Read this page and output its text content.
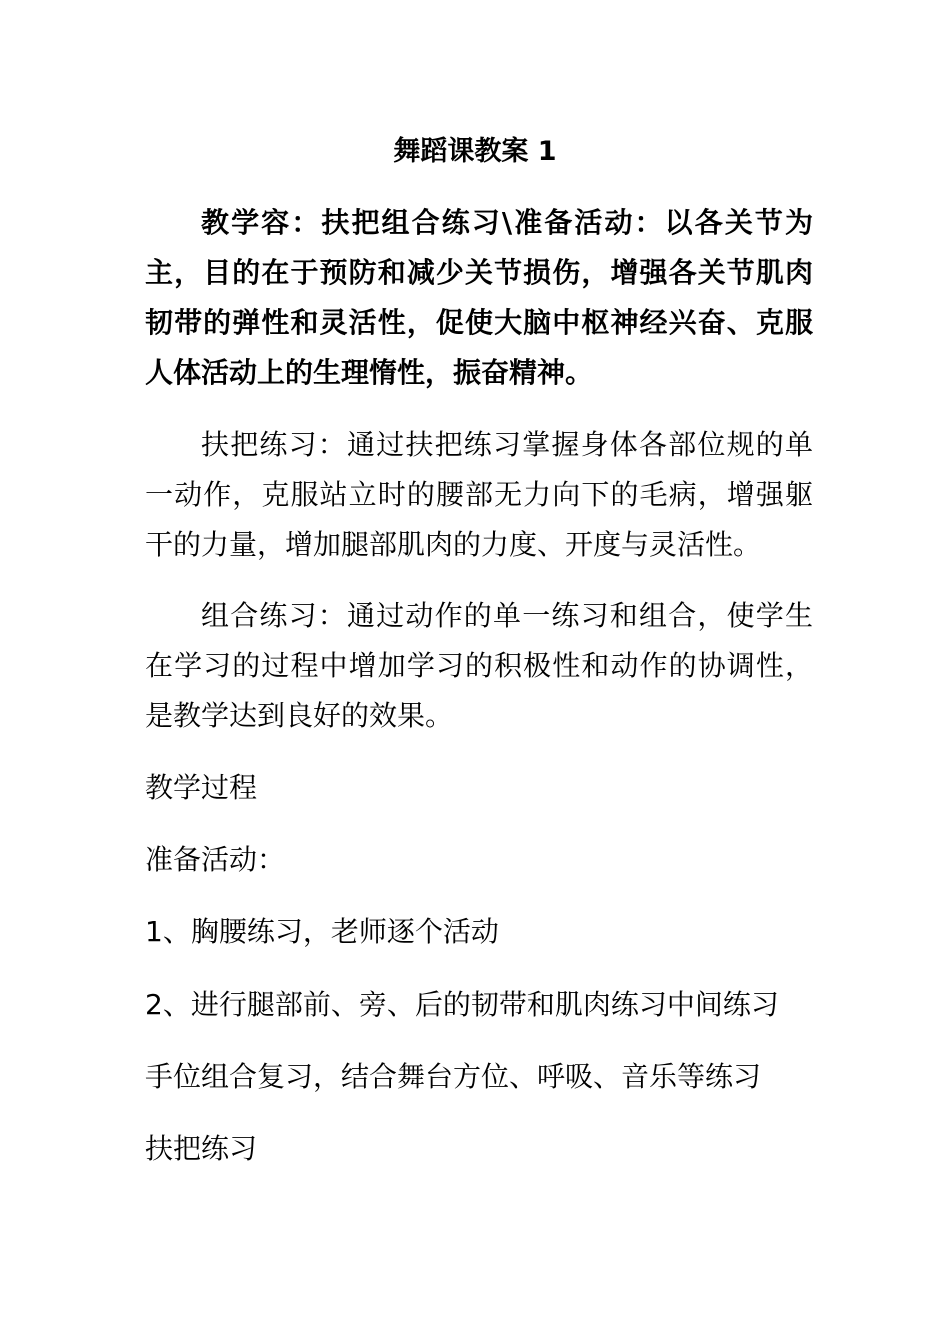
舞蹈课教案 1

教学容：扶把组合练习\准备活动：以各关节为主，目的在于预防和减少关节损伤，增强各关节肌肉韧带的弹性和灵活性，促使大脑中枢神经兴奋、克服人体活动上的生理惰性，振奋精神。

扶把练习：通过扶把练习掌握身体各部位规的单一动作，克服站立时的腰部无力向下的毛病，增强躯干的力量，增加腿部肌肉的力度、开度与灵活性。

组合练习：通过动作的单一练习和组合，使学生在学习的过程中增加学习的积极性和动作的协调性，是教学达到良好的效果。

教学过程

准备活动：

1、胸腰练习，老师逐个活动

2、进行腿部前、旁、后的韧带和肌肉练习中间练习

手位组合复习，结合舞台方位、呼吸、音乐等练习

扶把练习
